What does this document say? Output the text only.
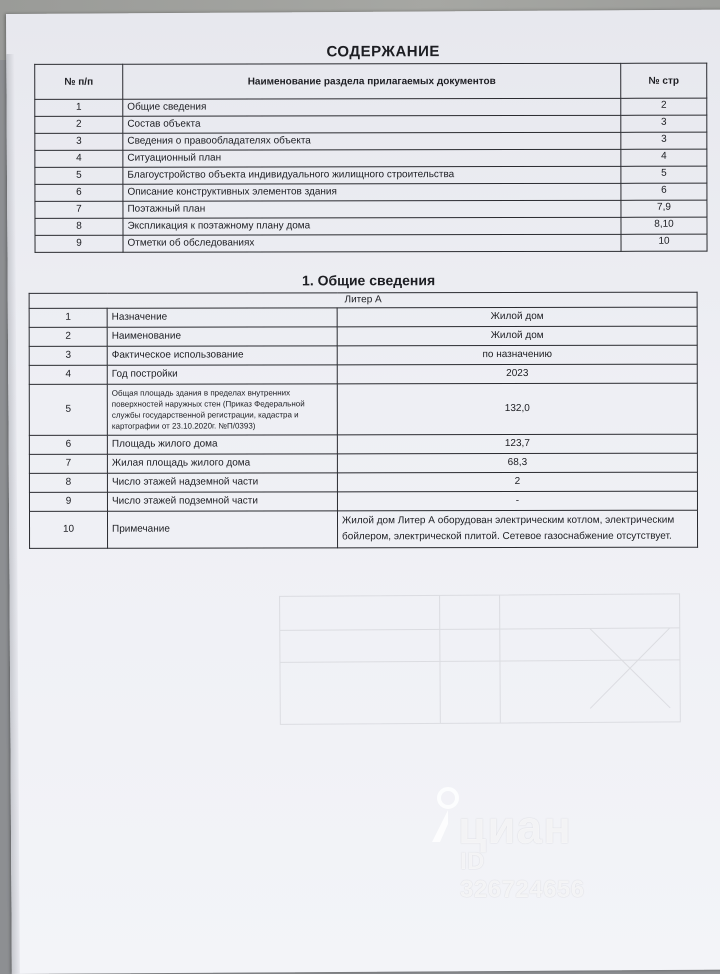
СОДЕРЖАНИЕ
№ п/п	Наименование раздела прилагаемых документов	№ стр
1	Общие сведения	2
2	Состав объекта	3
3	Сведения о правообладателях объекта	3
4	Ситуационный план	4
5	Благоустройство объекта индивидуального жилищного строительства	5
6	Описание конструктивных элементов здания	6
7	Поэтажный план	7,9
8	Экспликация к поэтажному плану дома	8,10
9	Отметки об обследованиях	10
1. Общие сведения
Литер А		
1	Назначение	Жилой дом
2	Наименование	Жилой дом
3	Фактическое использование	по назначению
4	Год постройки	2023
5	Общая площадь здания в пределах внутренних поверхностей наружных стен (Приказ Федеральной службы государственной регистрации, кадастра и картографии от 23.10.2020г. №П/0393)	132,0
6	Площадь жилого дома	123,7
7	Жилая площадь жилого дома	68,3
8	Число этажей надземной части	2
9	Число этажей подземной части	-
10	Примечание	Жилой дом Литер А оборудован электрическим котлом, электрическим бойлером, электрической плитой. Сетевое газоснабжение отсутствует.
циан
ID 326724656
